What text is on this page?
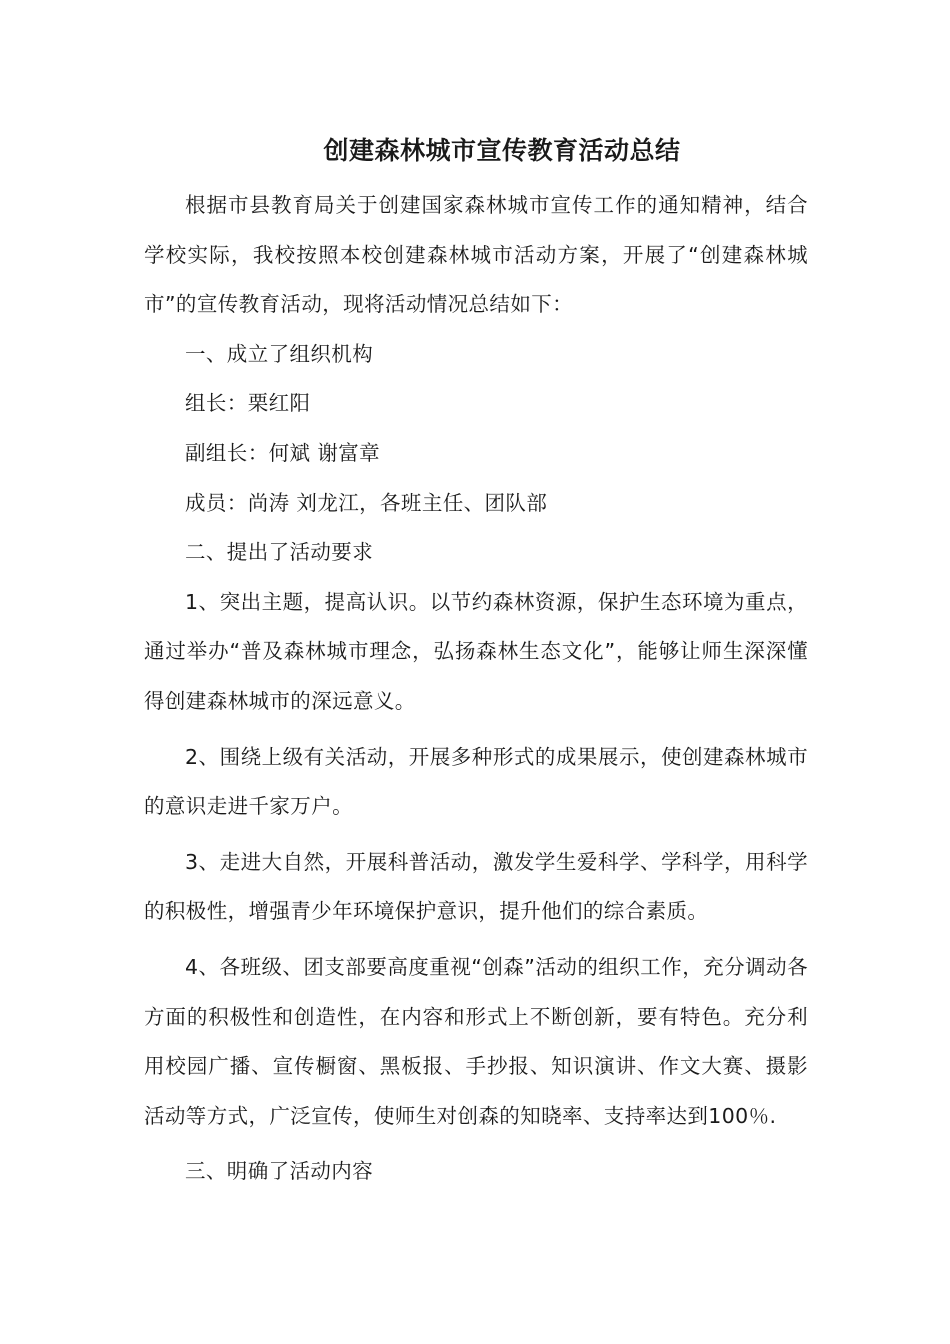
创建森林城市宣传教育活动总结

根据市县教育局关于创建国家森林城市宣传工作的通知精神，结合学校实际，我校按照本校创建森林城市活动方案，开展了“创建森林城市”的宣传教育活动，现将活动情况总结如下：

一、成立了组织机构

组长：栗红阳

副组长：何斌 谢富章

成员：尚涛 刘龙江，各班主任、团队部

二、提出了活动要求

1、突出主题，提高认识。以节约森林资源，保护生态环境为重点，通过举办“普及森林城市理念，弘扬森林生态文化”，能够让师生深深懂得创建森林城市的深远意义。

2、围绕上级有关活动，开展多种形式的成果展示，使创建森林城市的意识走进千家万户。

3、走进大自然，开展科普活动，激发学生爱科学、学科学，用科学的积极性，增强青少年环境保护意识，提升他们的综合素质。

4、各班级、团支部要高度重视“创森”活动的组织工作，充分调动各方面的积极性和创造性，在内容和形式上不断创新，要有特色。充分利用校园广播、宣传橱窗、黑板报、手抄报、知识演讲、作文大赛、摄影活动等方式，广泛宣传，使师生对创森的知晓率、支持率达到100％.

三、明确了活动内容
